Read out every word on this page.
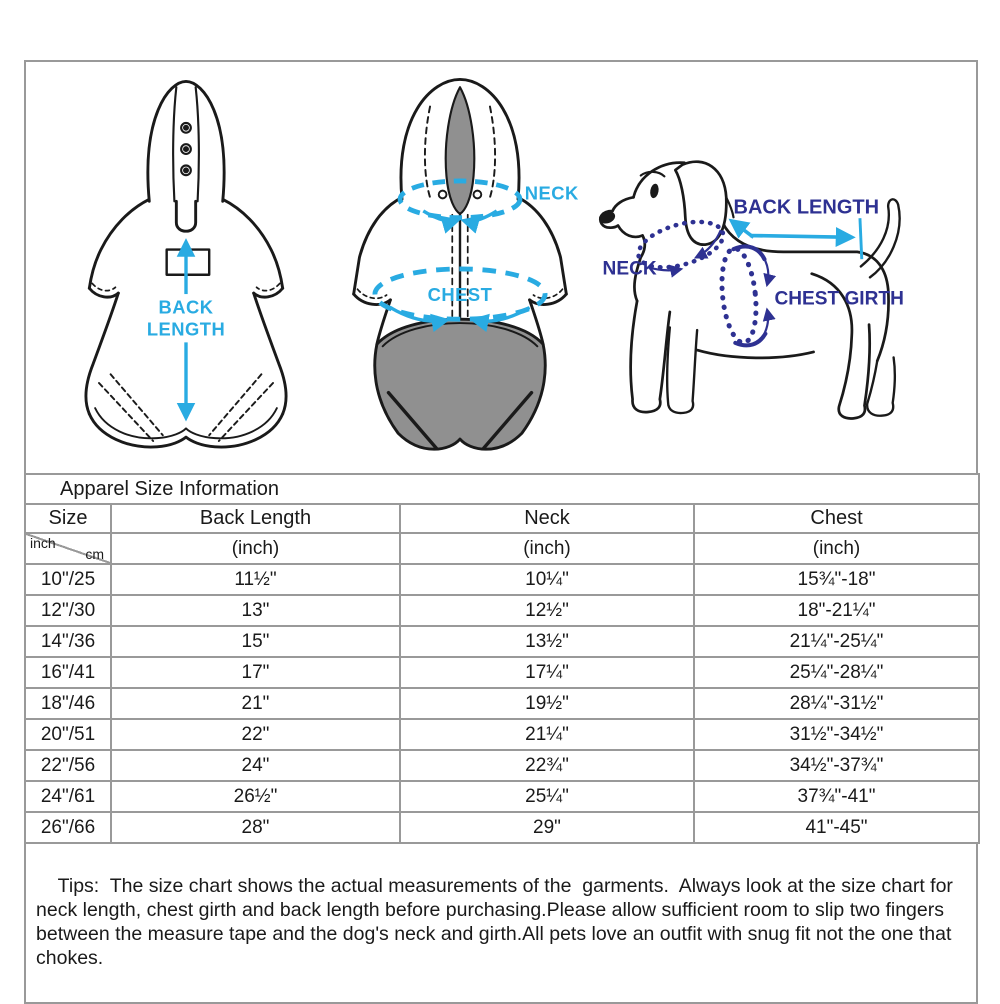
BACK
LENGTH
NECK
CHEST
BACK LENGTH
NECK
CHEST GIRTH
Apparel Size Information			
Size	Back Length	Neck	Chest

inch
cm	(inch)	(inch)	(inch)
10"/25	11½"	10¼"	15¾"-18"
12"/30	13"	12½"	18"-21¼"
14"/36	15"	13½"	21¼"-25¼"
16"/41	17"	17¼"	25¼"-28¼"
18"/46	21"	19½"	28¼"-31½"
20"/51	22"	21¼"	31½"-34½"
22"/56	24"	22¾"	34½"-37¾"
24"/61	26½"	25¼"	37¾"-41"
26"/66	28"	29"	41"-45"

Tips:  The size chart shows the actual measurements of the  garments.  Always look at the size chart for neck length, chest girth and back length before purchasing.Please allow sufficient room to slip two fingers between the measure tape and the dog's neck and girth.All pets love an outfit with snug fit not the one that chokes.
